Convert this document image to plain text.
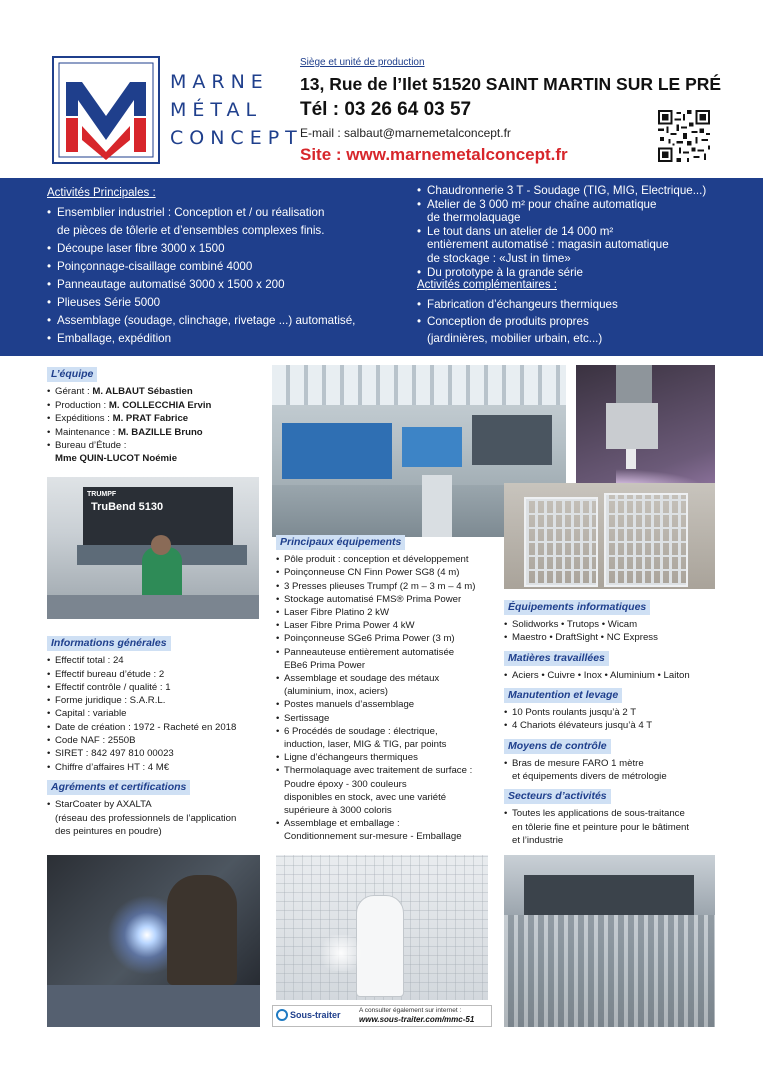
MARNE
MÉTAL
CONCEPT
Siège et unité de production
13, Rue de l’Ilet 51520 SAINT MARTIN SUR LE PRÉ
Tél : 03 26 64 03 57
E-mail : salbaut@marnemetalconcept.fr
Site : www.marnemetalconcept.fr
Activités Principales :
• Ensemblier industriel : Conception et / ou réalisation
de pièces de tôlerie et d’ensembles complexes finis.
• Découpe laser fibre 3000 x 1500
• Poinçonnage-cisaillage combiné 4000
• Panneautage automatisé 3000 x 1500 x 200
• Plieuses Série 5000
• Assemblage (soudage, clinchage, rivetage ...) automatisé,
• Emballage, expédition
• Chaudronnerie 3 T - Soudage (TIG, MIG, Electrique...)
• Atelier de 3 000 m² pour chaîne automatique
de thermolaquage
• Le tout dans un atelier de 14 000 m²
entièrement automatisé : magasin automatique
de stockage : «Just in time»
• Du prototype à la grande série
Activités complémentaires :
• Fabrication d’échangeurs thermiques
• Conception de produits propres
(jardinières, mobilier urbain, etc...)
L’équipe
• Gérant : M. ALBAUT Sébastien
• Production : M. COLLECCHIA Ervin
• Expéditions : M. PRAT Fabrice
• Maintenance : M. BAZILLE Bruno
• Bureau d’Étude :
Mme QUIN-LUCOT Noémie
TRUMPF
TruBend 5130
Informations générales
• Effectif total : 24
• Effectif bureau d’étude : 2
• Effectif contrôle / qualité : 1
• Forme juridique : S.A.R.L.
• Capital : variable
• Date de création : 1972 - Racheté en 2018
• Code NAF : 2550B
• SIRET : 842 497 810 00023
• Chiffre d’affaires HT : 4 M€
Agréments et certifications
• StarCoater by AXALTA
(réseau des professionnels de l’application
des peintures en poudre)
Principaux équipements
• Pôle produit : conception et développement
• Poinçonneuse CN Finn Power SG8 (4 m)
• 3 Presses plieuses Trumpf (2 m – 3 m – 4 m)
• Stockage automatisé FMS® Prima Power
• Laser Fibre Platino 2 kW
• Laser Fibre Prima Power 4 kW
• Poinçonneuse SGe6 Prima Power (3 m)
• Panneauteuse entièrement automatisée
EBe6 Prima Power
• Assemblage et soudage des métaux
(aluminium, inox, aciers)
• Postes manuels d’assemblage
• Sertissage
• 6 Procédés de soudage : électrique,
induction, laser, MIG & TIG, par points
• Ligne d’échangeurs thermiques
• Thermolaquage avec traitement de surface :
Poudre époxy - 300 couleurs
disponibles en stock, avec une variété
supérieure à 3000 coloris
• Assemblage et emballage :
Conditionnement sur-mesure - Emballage
Équipements informatiques
• Solidworks • Trutops • Wicam
• Maestro • DraftSight • NC Express
Matières travaillées
• Aciers • Cuivre • Inox • Aluminium • Laiton
Manutention et levage
• 10 Ponts roulants jusqu’à 2 T
• 4 Chariots élévateurs jusqu’à 4 T
Moyens de contrôle
• Bras de mesure FARO 1 mètre
et équipements divers de métrologie
Secteurs d’activités
• Toutes les applications de sous-traitance
en tôlerie fine et peinture pour le bâtiment
et l’industrie
Sous-traiter	A consulter également sur internet :
www.sous-traiter.com/mmc-51
